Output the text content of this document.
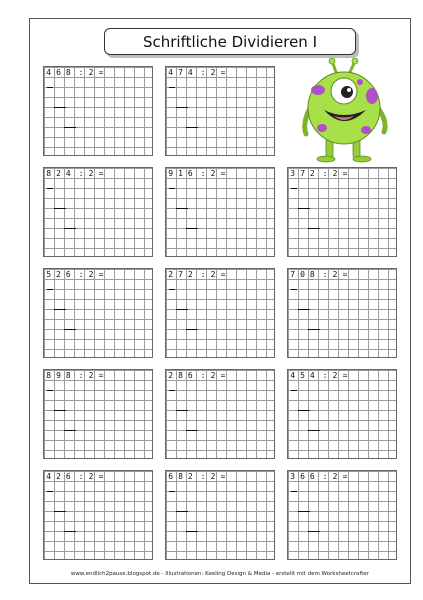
Schriftliche Dividieren I
468 : 2 =	474 : 2 =
824 : 2 =	916 : 2 =	372 : 2 =
526 : 2 =	272 : 2 =	708 : 2 =
898 : 2 =	286 : 2 =	454 : 2 =
426 : 2 =	682 : 2 =	366 : 2 =
www.endlich2pause.blogspot.de - Illustrationen: Keeling Design & Media - erstellt mit dem Worksheetcrafter
